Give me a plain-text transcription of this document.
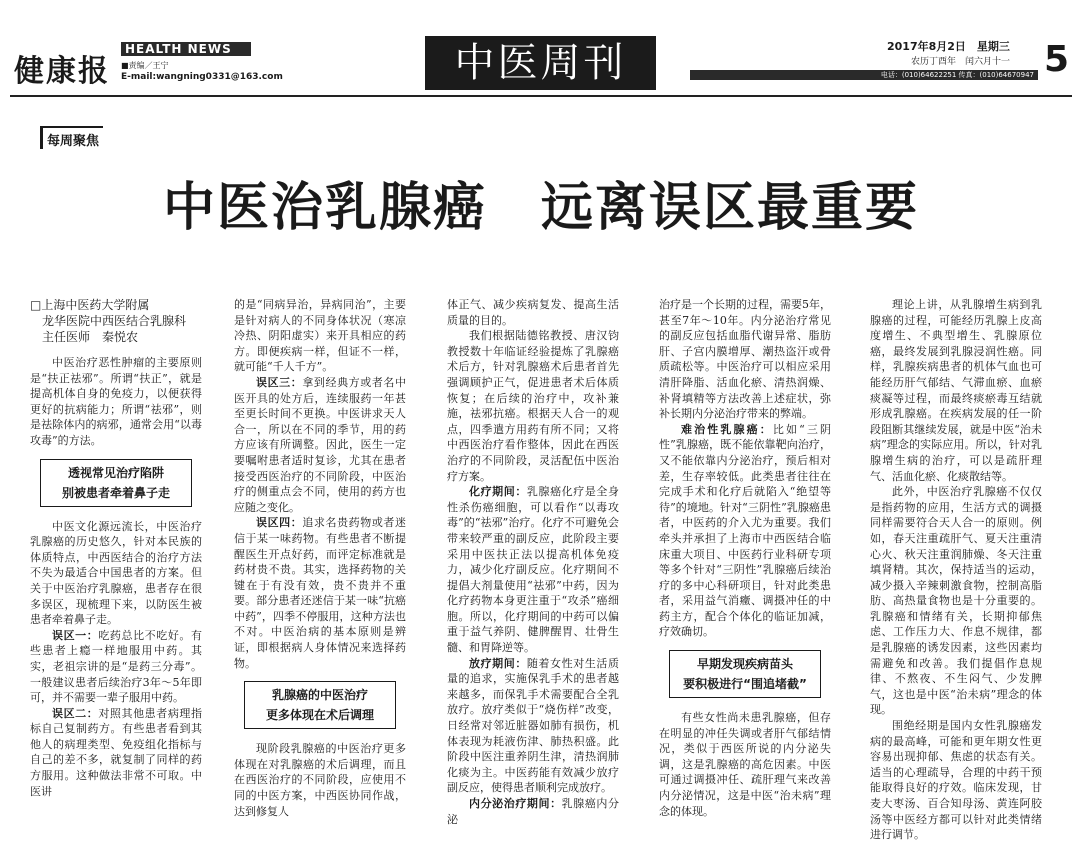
健康报
HEALTH NEWS
■责编／王宁
E-mail:wangning0331@163.com	中医周刊	2017年8月2日　星期三
农历丁酉年　闰六月十一
电话：(010)64622251 传真：(010)64670947 5
每周聚焦
中医治乳腺癌　远离误区最重要
□上海中医药大学附属
龙华医院中西医结合乳腺科
主任医师　秦悦农

中医治疗恶性肿瘤的主要原则是“扶正祛邪”。所谓“扶正”，就是提高机体自身的免疫力，以便获得更好的抗病能力；所谓“祛邪”，则是祛除体内的病邪，通常会用“以毒攻毒”的方法。

透视常见治疗陷阱
别被患者牵着鼻子走

中医文化源远流长，中医治疗乳腺癌的历史悠久，针对本民族的体质特点，中西医结合的治疗方法不失为最适合中国患者的方案。但关于中医治疗乳腺癌，患者存在很多误区，现梳理下来，以防医生被患者牵着鼻子走。

误区一：吃药总比不吃好。有些患者上瘾一样地服用中药。其实，老祖宗讲的是“是药三分毒”。一般建议患者后续治疗3年～5年即可，并不需要一辈子服用中药。

误区二：对照其他患者病理指标自己复制药方。有些患者看到其他人的病理类型、免疫组化指标与自己的差不多，就复制了同样的药方服用。这种做法非常不可取。中医讲

的是“同病异治，异病同治”，主要是针对病人的不同身体状况（寒凉冷热、阴阳虚实）来开具相应的药方。即便疾病一样，但证不一样，就可能“千人千方”。

误区三：拿到经典方或者名中医开具的处方后，连续服药一年甚至更长时间不更换。中医讲求天人合一，所以在不同的季节，用的药方应该有所调整。因此，医生一定要嘱咐患者适时复诊，尤其在患者接受西医治疗的不同阶段，中医治疗的侧重点会不同，使用的药方也应随之变化。

误区四：追求名贵药物或者迷信于某一味药物。有些患者不断提醒医生开点好药，而评定标准就是药材贵不贵。其实，选择药物的关键在于有没有效，贵不贵并不重要。部分患者还迷信于某一味“抗癌中药”，四季不停服用，这种方法也不对。中医治病的基本原则是辨证，即根据病人身体情况来选择药物。

乳腺癌的中医治疗
更多体现在术后调理

现阶段乳腺癌的中医治疗更多体现在对乳腺癌的术后调理，而且在西医治疗的不同阶段，应使用不同的中医方案，中西医协同作战，达到修复人

体正气、减少疾病复发、提高生活质量的目的。

我们根据陆德铭教授、唐汉钧教授数十年临证经验提炼了乳腺癌术后方，针对乳腺癌术后患者首先强调顾护正气，促进患者术后体质恢复；在后续的治疗中，攻补兼施，祛邪抗癌。根据天人合一的观点，四季遣方用药有所不同；又将中西医治疗看作整体，因此在西医治疗的不同阶段，灵活配伍中医治疗方案。

化疗期间：乳腺癌化疗是全身性杀伤癌细胞，可以看作“以毒攻毒”的“祛邪”治疗。化疗不可避免会带来较严重的副反应，此阶段主要采用中医扶正法以提高机体免疫力，减少化疗副反应。化疗期间不提倡大剂量使用“祛邪”中药，因为化疗药物本身更注重于“攻杀”癌细胞。所以，化疗期间的中药可以偏重于益气养阴、健脾醒胃、壮骨生髓、和胃降逆等。

放疗期间：随着女性对生活质量的追求，实施保乳手术的患者越来越多，而保乳手术需要配合全乳放疗。放疗类似于“烧伤样”改变，日经常对邻近脏器如肺有损伤，机体表现为耗液伤津、肺热积盛。此阶段中医注重养阴生津，清热润肺化痰为主。中医药能有效减少放疗副反应，使得患者顺利完成放疗。

内分泌治疗期间：乳腺癌内分泌

治疗是一个长期的过程，需要5年，甚至7年～10年。内分泌治疗常见的副反应包括血脂代谢异常、脂肪肝、子宫内膜增厚、潮热盗汗或骨质疏松等。中医治疗可以相应采用清肝降脂、活血化瘀、清热润燥、补肾填精等方法改善上述症状，弥补长期内分泌治疗带来的弊端。

难治性乳腺癌：比如“三阴性”乳腺癌，既不能依靠靶向治疗，又不能依靠内分泌治疗，预后相对差，生存率较低。此类患者往往在完成手术和化疗后就陷入“绝望等待”的境地。针对“三阴性”乳腺癌患者，中医药的介入尤为重要。我们牵头并承担了上海市中西医结合临床重大项目、中医药行业科研专项等多个针对“三阴性”乳腺癌后续治疗的多中心科研项目，针对此类患者，采用益气消癥、调摄冲任的中药主方，配合个体化的临证加减，疗效确切。

早期发现疾病苗头
要积极进行“围追堵截”

有些女性尚未患乳腺癌，但存在明显的冲任失调或者肝气郁结情况，类似于西医所说的内分泌失调，这是乳腺癌的高危因素。中医可通过调摄冲任、疏肝理气来改善内分泌情况，这是中医“治未病”理念的体现。

理论上讲，从乳腺增生病到乳腺癌的过程，可能经历乳腺上皮高度增生、不典型增生、乳腺原位癌，最终发展到乳腺浸润性癌。同样，乳腺疾病患者的机体气血也可能经历肝气郁结、气滞血瘀、血瘀痰凝等过程，而最终痰瘀毒互结就形成乳腺癌。在疾病发展的任一阶段阻断其继续发展，就是中医“治未病”理念的实际应用。所以，针对乳腺增生病的治疗，可以是疏肝理气、活血化瘀、化痰散结等。

此外，中医治疗乳腺癌不仅仅是指药物的应用，生活方式的调摄同样需要符合天人合一的原则。例如，春天注重疏肝气、夏天注重清心火、秋天注重润肺燥、冬天注重填肾精。其次，保持适当的运动，减少摄入辛辣刺激食物，控制高脂肪、高热量食物也是十分重要的。乳腺癌和情绪有关，长期抑郁焦虑、工作压力大、作息不规律，都是乳腺癌的诱发因素，这些因素均需避免和改善。我们提倡作息规律、不熬夜、不生闷气、少发脾气，这也是中医“治未病”理念的体现。

围绝经期是国内女性乳腺癌发病的最高峰，可能和更年期女性更容易出现抑郁、焦虑的状态有关。适当的心理疏导，合理的中药干预能取得良好的疗效。临床发现，甘麦大枣汤、百合知母汤、黄连阿胶汤等中医经方都可以针对此类情绪进行调节。
